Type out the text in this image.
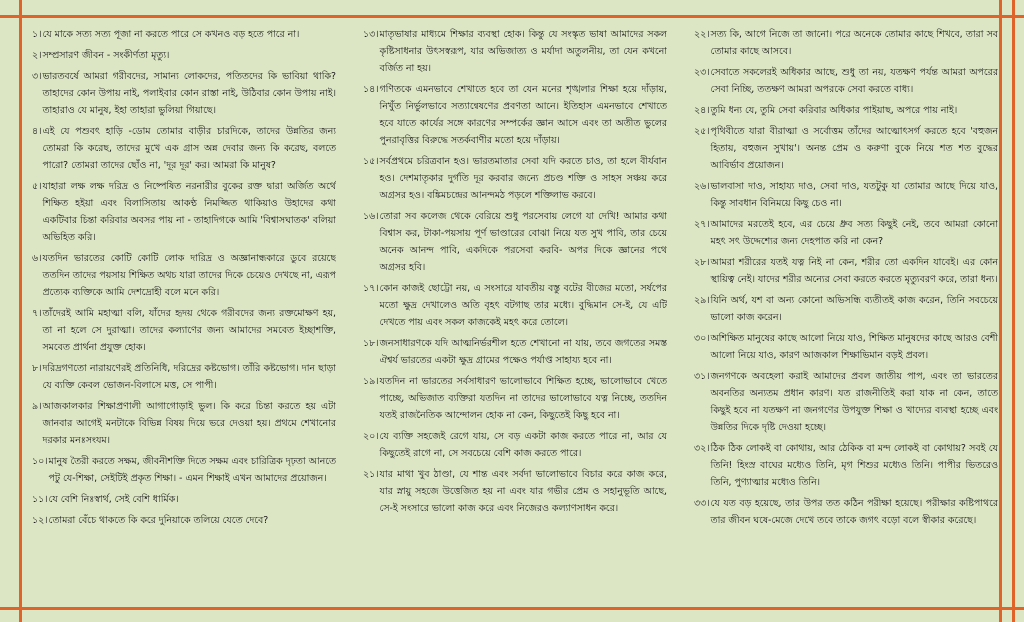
১। যে মাকে সত্য সত্য পূজা না করতে পারে সে কখনও বড় হতে পারে না।
২। সম্প্রসারণ জীবন - সংকীর্ণতা মৃত্যু।
৩। ভারতবর্ষে আমরা গরীবদের, সামান্য লোকদের, পতিতদের কি ভাবিয়া থাকি? তাহাদের কোন উপায় নাই, পলাইবার কোন রাস্তা নাই, উঠিবার কোন উপায় নাই। তাহারাও যে মানুষ, ইহা তাহারা ভুলিয়া গিয়াছে।
৪। এই যে পশুবৎ হাড়ি -ডোম তোমার বাড়ীর চারদিকে, তাদের উন্নতির জন্য তোমরা কি করেছ, তাদের মুখে এক গ্রাস অন্ন দেবার জন্য কি করেছ, বলতে পারো? তোমরা তাদের ছোঁও না, 'দূর দূর' কর। আমরা কি মানুষ?
৫। যাহারা লক্ষ লক্ষ দরিদ্র ও নিষ্পেষিত নরনারীর বুকের রক্ত দ্বারা অর্জিত অর্থে শিক্ষিত হইয়া এবং বিলাসিতায় আকণ্ঠ নিমজ্জিত থাকিয়াও উহাদের কথা একটিবার চিন্তা করিবার অবসর পায় না - তাহাদিগকে আমি 'বিশ্বাসঘাতক' বলিয়া অভিহিত করি।
৬। যতদিন ভারতের কোটি কোটি লোক দারিদ্র ও অজ্ঞানান্ধকারে ডুবে রয়েছে ততদিন তাদের পয়সায় শিক্ষিত অথচ যারা তাদের দিকে চেয়েও দেখছে না, এরূপ প্রত্যেক ব্যক্তিকে আমি দেশদ্রোহী বলে মনে করি।
৭। তাঁদেরই আমি মহাত্মা বলি, যাঁদের হৃদয় থেকে গরীবদের জন্য রক্তমোক্ষণ হয়, তা না হলে সে দুরাত্মা। তাদের কল্যাণের জন্য আমাদের সমবেত ইচ্ছাশক্তি, সমবেত প্রার্থনা প্রযুক্ত হোক।
৮। দরিদ্রগণতো নারায়ণেরই প্রতিনিধি, দরিদ্রের কষ্টভোগ। তাঁরি কষ্টভোগ। দান ছাড়া যে ব্যক্তি কেবল ভোজন-বিলাসে মত্ত, সে পাপী।
৯। আজকালকার শিক্ষাপ্রণালী আগাগোড়াই ভুল। কি করে চিন্তা করতে হয় এটা জানবার আগেই মনটাকে বিভিন্ন বিষয় দিয়ে ভরে দেওয়া হয়। প্রথমে শেখানোর দরকার মনঃসংযম।
১০। মানুষ তৈরী করতে সক্ষম, জীবনীশক্তি দিতে সক্ষম এবং চারিত্রিক দৃঢ়তা আনতে পটু যে-শিক্ষা, সেইটিই প্রকৃত শিক্ষা। - এমন শিক্ষাই এখন আমাদের প্রয়োজন।
১১। যে বেশি নিঃস্বার্থ, সেই বেশি ধার্মিক।
১২। তোমরা বেঁচে থাকতে কি করে দুনিয়াকে তলিয়ে যেতে দেবে?
১৩। মাতৃভাষার মাধ্যমে শিক্ষার ব্যবস্থা হোক। কিন্তু যে সংস্কৃত ভাষা আমাদের সকল কৃষ্টিসাধনার উৎসস্বরূপ, যার অভিজাত্য ও মর্যাদা অতুলনীয়, তা যেন কখনো বর্জিত না হয়।
১৪। গণিতকে এমনভাবে শেখাতে হবে তা যেন মনের শৃঙ্খলার শিক্ষা হয়ে দাঁড়ায়, নিখুঁত নির্ভুলভাবে সত্যান্বেষণের প্রবণতা আনে। ইতিহাস এমনভাবে শেখাতে হবে যাতে কার্যের সঙ্গে কারণের সম্পর্কের জ্ঞান আসে এবং তা অতীত ভুলের পুনরাবৃত্তির বিরুদ্ধে সতর্কবাণীর মতো হয়ে দাঁড়ায়।
১৫। সর্বপ্রথমে চরিত্রবান হও। ভারতমাতার সেবা যদি করতে চাও, তা হলে বীর্যবান হও। দেশমাতৃকার দুর্গতি দূর করবার জন্যে প্রচণ্ড শক্তি ও সাহস সঞ্চয় করে অগ্রসর হও। বঙ্কিমচন্দ্রের আনন্দমঠ পড়লে শক্তিলাভ করবে।
১৬। তোরা সব কলেজ থেকে বেরিয়ে শুধু পরসেবায় লেগে যা দেখি! আমার কথা বিশ্বাস কর, টাকা-পয়সায় পূর্ণ ভাণ্ডারের বোঝা নিয়ে যত সুখ পাবি, তার চেয়ে অনেক আনন্দ পাবি, একদিকে পরসেবা করবি- অপর দিকে জ্ঞানের পথে অগ্রসর হবি।
১৭। কোন কাজই ছোট্টো নয়, এ সংসারে যাবতীয় বস্তু বটের বীজের মতো, সর্ষপের মতো ক্ষুদ্র দেখালেও অতি বৃহৎ বটগাছ তার মধ্যে। বুদ্ধিমান সে-ই, যে এটি দেখতে পায় এবং সকল কাজকেই মহৎ করে তোলে।
১৮। জনসাধারণকে যদি আত্মনির্ভরশীল হতে শেখানো না যায়, তবে জগতের সমস্ত ঐশ্বর্য ভারতের একটা ক্ষুদ্র গ্রামের পক্ষেও পর্যাপ্ত সাহায্য হবে না।
১৯। যতদিন না ভারতের সর্বসাধারণ ভালোভাবে শিক্ষিত হচ্ছে, ভালোভাবে খেতে পাচ্ছে, অভিজাত ব্যক্তিরা যতদিন না তাদের ভালোভাবে যত্ন নিচ্ছে, ততদিন যতই রাজনৈতিক আন্দোলন হোক না কেন, কিছুতেই কিছু হবে না।
২০। যে ব্যক্তি সহজেই রেগে যায়, সে বড় একটা কাজ করতে পারে না, আর যে কিছুতেই রাগে না, সে সবচেয়ে বেশি কাজ করতে পারে।
২১। যার মাথা খুব ঠাণ্ডা, যে শান্ত এবং সর্বদা ভালোভাবে বিচার করে কাজ করে, যার স্নায়ু সহজে উত্তেজিত হয় না এবং যার গভীর প্রেম ও সহানুভূতি আছে, সে-ই সংসারে ভালো কাজ করে এবং নিজেরও কল্যাণসাধন করে।
২২। সত্য কি, আগে নিজে তা জানো। পরে অনেকে তোমার কাছে শিখবে, তারা সব তোমার কাছে আসবে।
২৩। সেবাতে সকলেরই অধিকার আছে, শুধু তা নয়, যতক্ষণ পর্যন্ত আমরা অপরের সেবা নিচ্ছি, ততক্ষণ আমরা অপরকে সেবা করতে বাধ্য।
২৪। তুমি ধন্য যে, তুমি সেবা করিবার অধিকার পাইয়াছ, অপরে পায় নাই।
২৫। পৃথিবীতে যারা বীরাত্মা ও সর্বোত্তম তাঁদের আত্মোৎসর্গ করতে হবে 'বহুজন হিতায়, বহুজন সুখায়'। অনন্ত প্রেম ও করুণা বুকে নিয়ে শত শত বুদ্ধের আবির্ভাব প্রয়োজন।
২৬। ভালবাসা দাও, সাহায্য দাও, সেবা দাও, যতটুকু যা তোমার আছে দিয়ে যাও, কিন্তু সাবধান বিনিময়ে কিছু চেও না।
২৭। আমাদের মরতেই হবে, এর চেয়ে ধ্রুব সত্য কিছুই নেই, তবে আমরা কোনো মহৎ সৎ উদ্দেশ্যের জন্য দেহপাত করি না কেন?
২৮। আমরা শরীরের যতই যত্ন নিই না কেন, শরীর তো একদিন যাবেই। এর কোন স্থায়িত্ব নেই। যাদের শরীর অন্যের সেবা করতে করতে মৃত্যুবরণ করে, তারা ধন্য।
২৯। যিনি অর্থ, যশ বা অন্য কোনো অভিসন্ধি ব্যতীতই কাজ করেন, তিনি সবচেয়ে ভালো কাজ করেন।
৩০। অশিক্ষিত মানুষের কাছে আলো নিয়ে যাও, শিক্ষিত মানুষদের কাছে আরও বেশী আলো নিয়ে যাও, কারণ আজকাল শিক্ষাভিমান বড়ই প্রবল।
৩১। জনগণকে অবহেলা করাই আমাদের প্রবল জাতীয় পাপ, এবং তা ভারতের অবনতির অন্যতম প্রধান কারণ। যত রাজনীতিই করা যাক না কেন, তাতে কিছুই হবে না যতক্ষণ না জনগণের উপযুক্ত শিক্ষা ও খাদ্যের ব্যবস্থা হচ্ছে এবং উন্নতির দিকে দৃষ্টি দেওয়া হচ্ছে।
৩২। ঠিক ঠিক লোকই বা কোথায়, আর ঠেকিক বা মন্দ লোকই বা কোথায়? সবই যে তিনি! হিংস্র বাঘের মধ্যেও তিনি, মৃগ শিশুর মধ্যেও তিনি। পাপীর ভিতরেও তিনি, পুণ্যাত্মার মধ্যেও তিনি।
৩৩। যে যত বড় হয়েছে, তার উপর তত কঠিন পরীক্ষা হয়েছে। পরীক্ষার কষ্টিপাথরে তার জীবন ঘষে-মেজে দেখে তবে তাকে জগৎ বড়ো বলে স্বীকার করেছে।
